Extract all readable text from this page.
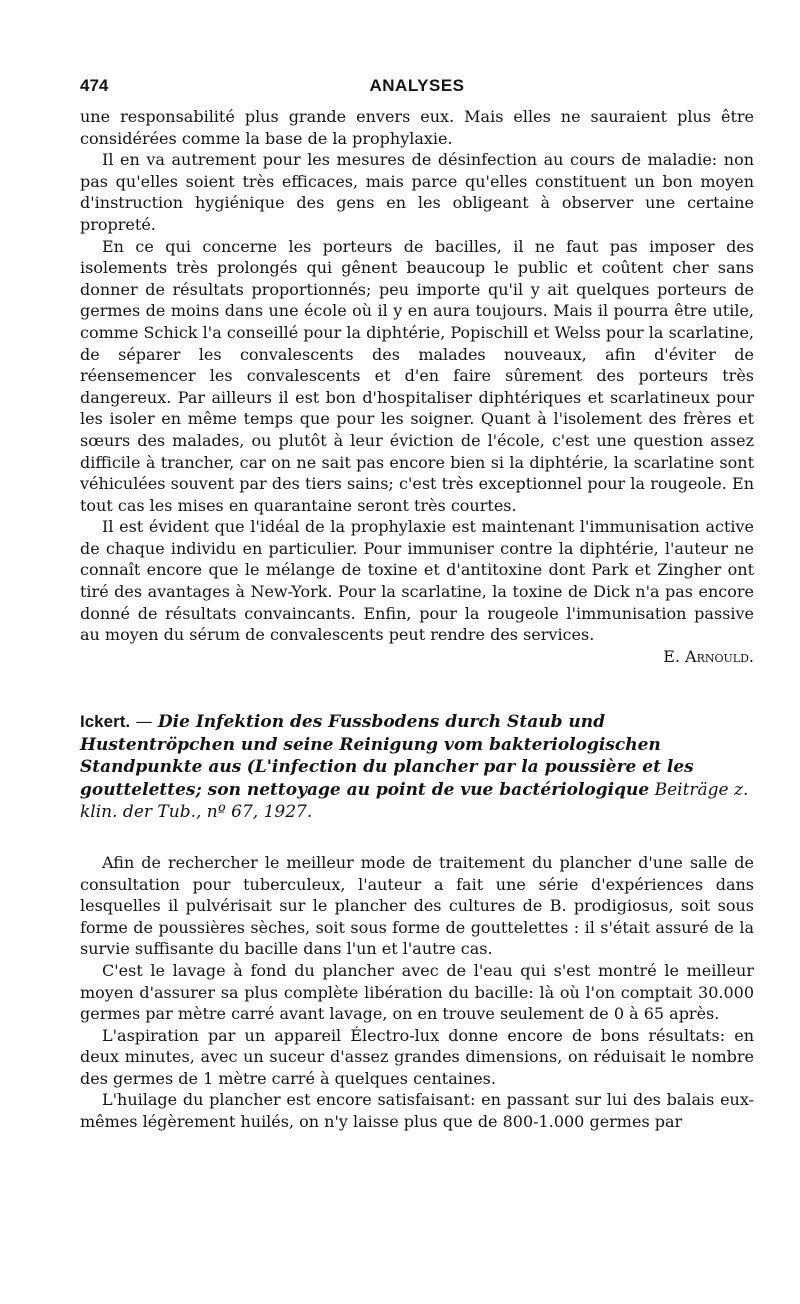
474	ANALYSES

une responsabilité plus grande envers eux. Mais elles ne sauraient plus être considérées comme la base de la prophylaxie.

Il en va autrement pour les mesures de désinfection au cours de maladie: non pas qu'elles soient très efficaces, mais parce qu'elles constituent un bon moyen d'instruction hygiénique des gens en les obligeant à observer une certaine propreté.

En ce qui concerne les porteurs de bacilles, il ne faut pas imposer des isolements très prolongés qui gênent beaucoup le public et coûtent cher sans donner de résultats proportionnés; peu importe qu'il y ait quelques porteurs de germes de moins dans une école où il y en aura toujours. Mais il pourra être utile, comme Schick l'a conseillé pour la diphtérie, Popischill et Welss pour la scarlatine, de séparer les convalescents des malades nouveaux, afin d'éviter de réensemencer les convalescents et d'en faire sûrement des porteurs très dangereux. Par ailleurs il est bon d'hospitaliser diphtériques et scarlatineux pour les isoler en même temps que pour les soigner. Quant à l'isolement des frères et sœurs des malades, ou plutôt à leur éviction de l'école, c'est une question assez difficile à trancher, car on ne sait pas encore bien si la diphtérie, la scarlatine sont véhiculées souvent par des tiers sains; c'est très exceptionnel pour la rougeole. En tout cas les mises en quarantaine seront très courtes.

Il est évident que l'idéal de la prophylaxie est maintenant l'immunisation active de chaque individu en particulier. Pour immuniser contre la diphtérie, l'auteur ne connaît encore que le mélange de toxine et d'antitoxine dont Park et Zingher ont tiré des avantages à New-York. Pour la scarlatine, la toxine de Dick n'a pas encore donné de résultats convaincants. Enfin, pour la rougeole l'immunisation passive au moyen du sérum de convalescents peut rendre des services.

E. Arnould.

Ickert. — Die Infektion des Fussbodens durch Staub und Hustentröpchen und seine Reinigung vom bakteriologischen Standpunkte aus (L'infection du plancher par la poussière et les gouttelettes; son nettoyage au point de vue bactériologique Beiträge z. klin. der Tub., nº 67, 1927.

Afin de rechercher le meilleur mode de traitement du plancher d'une salle de consultation pour tuberculeux, l'auteur a fait une série d'expériences dans lesquelles il pulvérisait sur le plancher des cultures de B. prodigiosus, soit sous forme de poussières sèches, soit sous forme de gouttelettes : il s'était assuré de la survie suffisante du bacille dans l'un et l'autre cas.

C'est le lavage à fond du plancher avec de l'eau qui s'est montré le meilleur moyen d'assurer sa plus complète libération du bacille: là où l'on comptait 30.000 germes par mètre carré avant lavage, on en trouve seulement de 0 à 65 après.

L'aspiration par un appareil Électro-lux donne encore de bons résultats: en deux minutes, avec un suceur d'assez grandes dimensions, on réduisait le nombre des germes de 1 mètre carré à quelques centaines.

L'huilage du plancher est encore satisfaisant: en passant sur lui des balais eux-mêmes légèrement huilés, on n'y laisse plus que de 800-1.000 germes par
